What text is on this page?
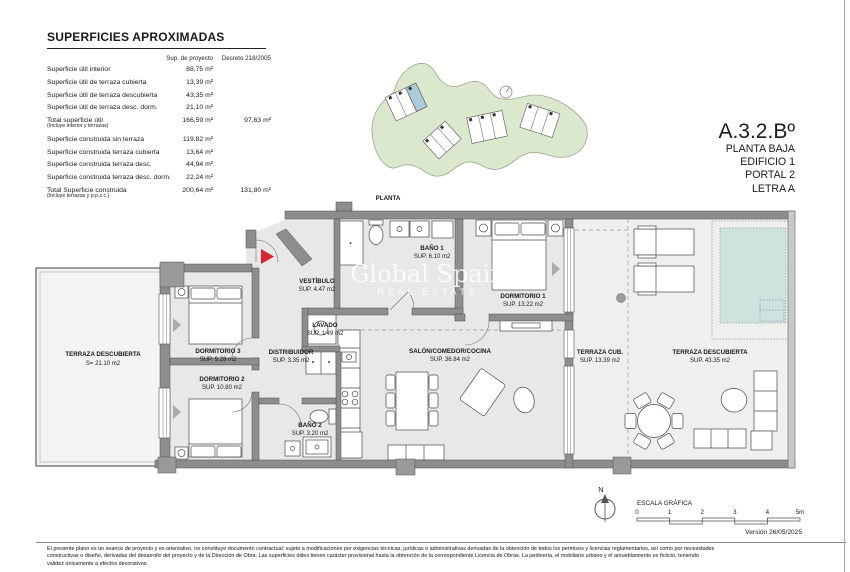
PLANTA
VESTÍBULO
SUP. 4.47 m2
BAÑO 1
SUP. 6.10 m2
LAVADO
SUP. 1.49 m2
DISTRIBUIDOR
SUP. 3.35 m2
BAÑO 2
SUP. 3.20 m2
SALÓN/COMEDOR/COCINA
SUP. 36.84 m2
DORMITORIO 1
SUP. 13.22 m2
DORMITORIO 3
SUP. 9.28 m2
DORMITORIO 2
SUP. 10.80 m2
TERRAZA CUB.
SUP. 13.39 m2
TERRAZA DESCUBIERTA
SUP. 43.35 m2
TERRAZA DESCUBIERTA
S= 21.10 m2
N
ESCALA GRÁFICA
0	1	2	3	4	5m
SUPERFICIES APROXIMADAS
Sup. de proyecto	Decreto 218/2005
Superficie útil interior	88,75 m²
Superficie útil de terraza cubierta	13,39 m²
Superficie útil de terraza descubierta	43,35 m²
Superficie útil de terraza desc. dorm.	21,10 m²
Total superficie útil
(Incluye interior y terrazas)
166,59 m²	97,63 m²
Superficie construida sin terraza	119,82 m²
Superficie construida terraza cubierta	13,64 m²
Superficie construida terraza desc.	44,94 m²
Superficie construida terraza desc. dorm.	22,24 m²
Total Superficie construida
(Incluye terrazas y p.p.z.c.)
200,64 m²	131,80 m²
A.3.2.Bº
PLANTA BAJA
EDIFICIO 1
PORTAL 2
LETRA A
Global Spain
REAL ESTATE
Versión 26/05/2025
El presente plano es un avance de proyecto y es orientativo, no constituye documento contractual; sujeto a modificaciones por exigencias técnicas, jurídicas o administrativas derivadas de la obtención de todos los permisos y licencias reglamentarios, así como por necesidades
constructivas o diseño, derivadas del desarrollo del proyecto y de la Dirección de Obra. Las superficies útiles tienen carácter provisional hasta la obtención de la correspondiente Licencia de Obras. La jardinería, el mobiliario urbano y el amueblamiento es ficticio, teniendo
validez únicamente a efectos decorativos.
